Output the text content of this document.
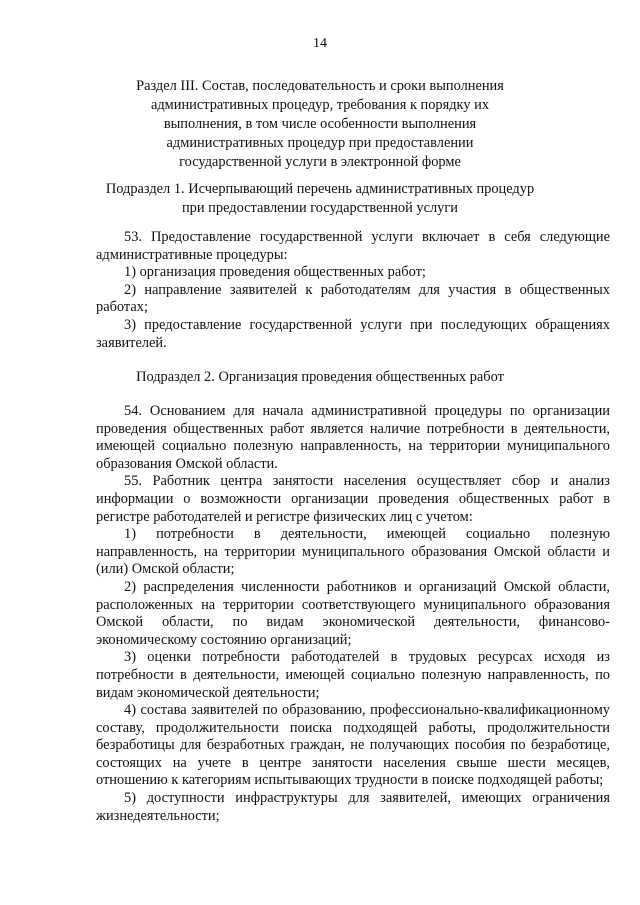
14
Раздел III. Состав, последовательность и сроки выполнения
административных процедур, требования к порядку их
выполнения, в том числе особенности выполнения
административных процедур при предоставлении
государственной услуги в электронной форме
Подраздел 1. Исчерпывающий перечень административных процедур
при предоставлении государственной услуги

53. Предоставление государственной услуги включает в себя следующие административные процедуры:

1) организация проведения общественных работ;

2) направление заявителей к работодателям для участия в общественных работах;

3) предоставление государственной услуги при последующих обращениях заявителей.

Подраздел 2. Организация проведения общественных работ

54. Основанием для начала административной процедуры по организации проведения общественных работ является наличие потребности в деятельности, имеющей социально полезную направленность, на территории муниципального образования Омской области.

55. Работник центра занятости населения осуществляет сбор и анализ информации о возможности организации проведения общественных работ в регистре работодателей и регистре физических лиц с учетом:

1) потребности в деятельности, имеющей социально полезную направленность, на территории муниципального образования Омской области и (или) Омской области;

2) распределения численности работников и организаций Омской области, расположенных на территории соответствующего муниципального образования Омской области, по видам экономической деятельности, финансово-экономическому состоянию организаций;

3) оценки потребности работодателей в трудовых ресурсах исходя из потребности в деятельности, имеющей социально полезную направленность, по видам экономической деятельности;

4) состава заявителей по образованию, профессионально-квалификационному составу, продолжительности поиска подходящей работы, продолжительности безработицы для безработных граждан, не получающих пособия по безработице, состоящих на учете в центре занятости населения свыше шести месяцев, отношению к категориям испытывающих трудности в поиске подходящей работы;

5) доступности инфраструктуры для заявителей, имеющих ограничения жизнедеятельности;
